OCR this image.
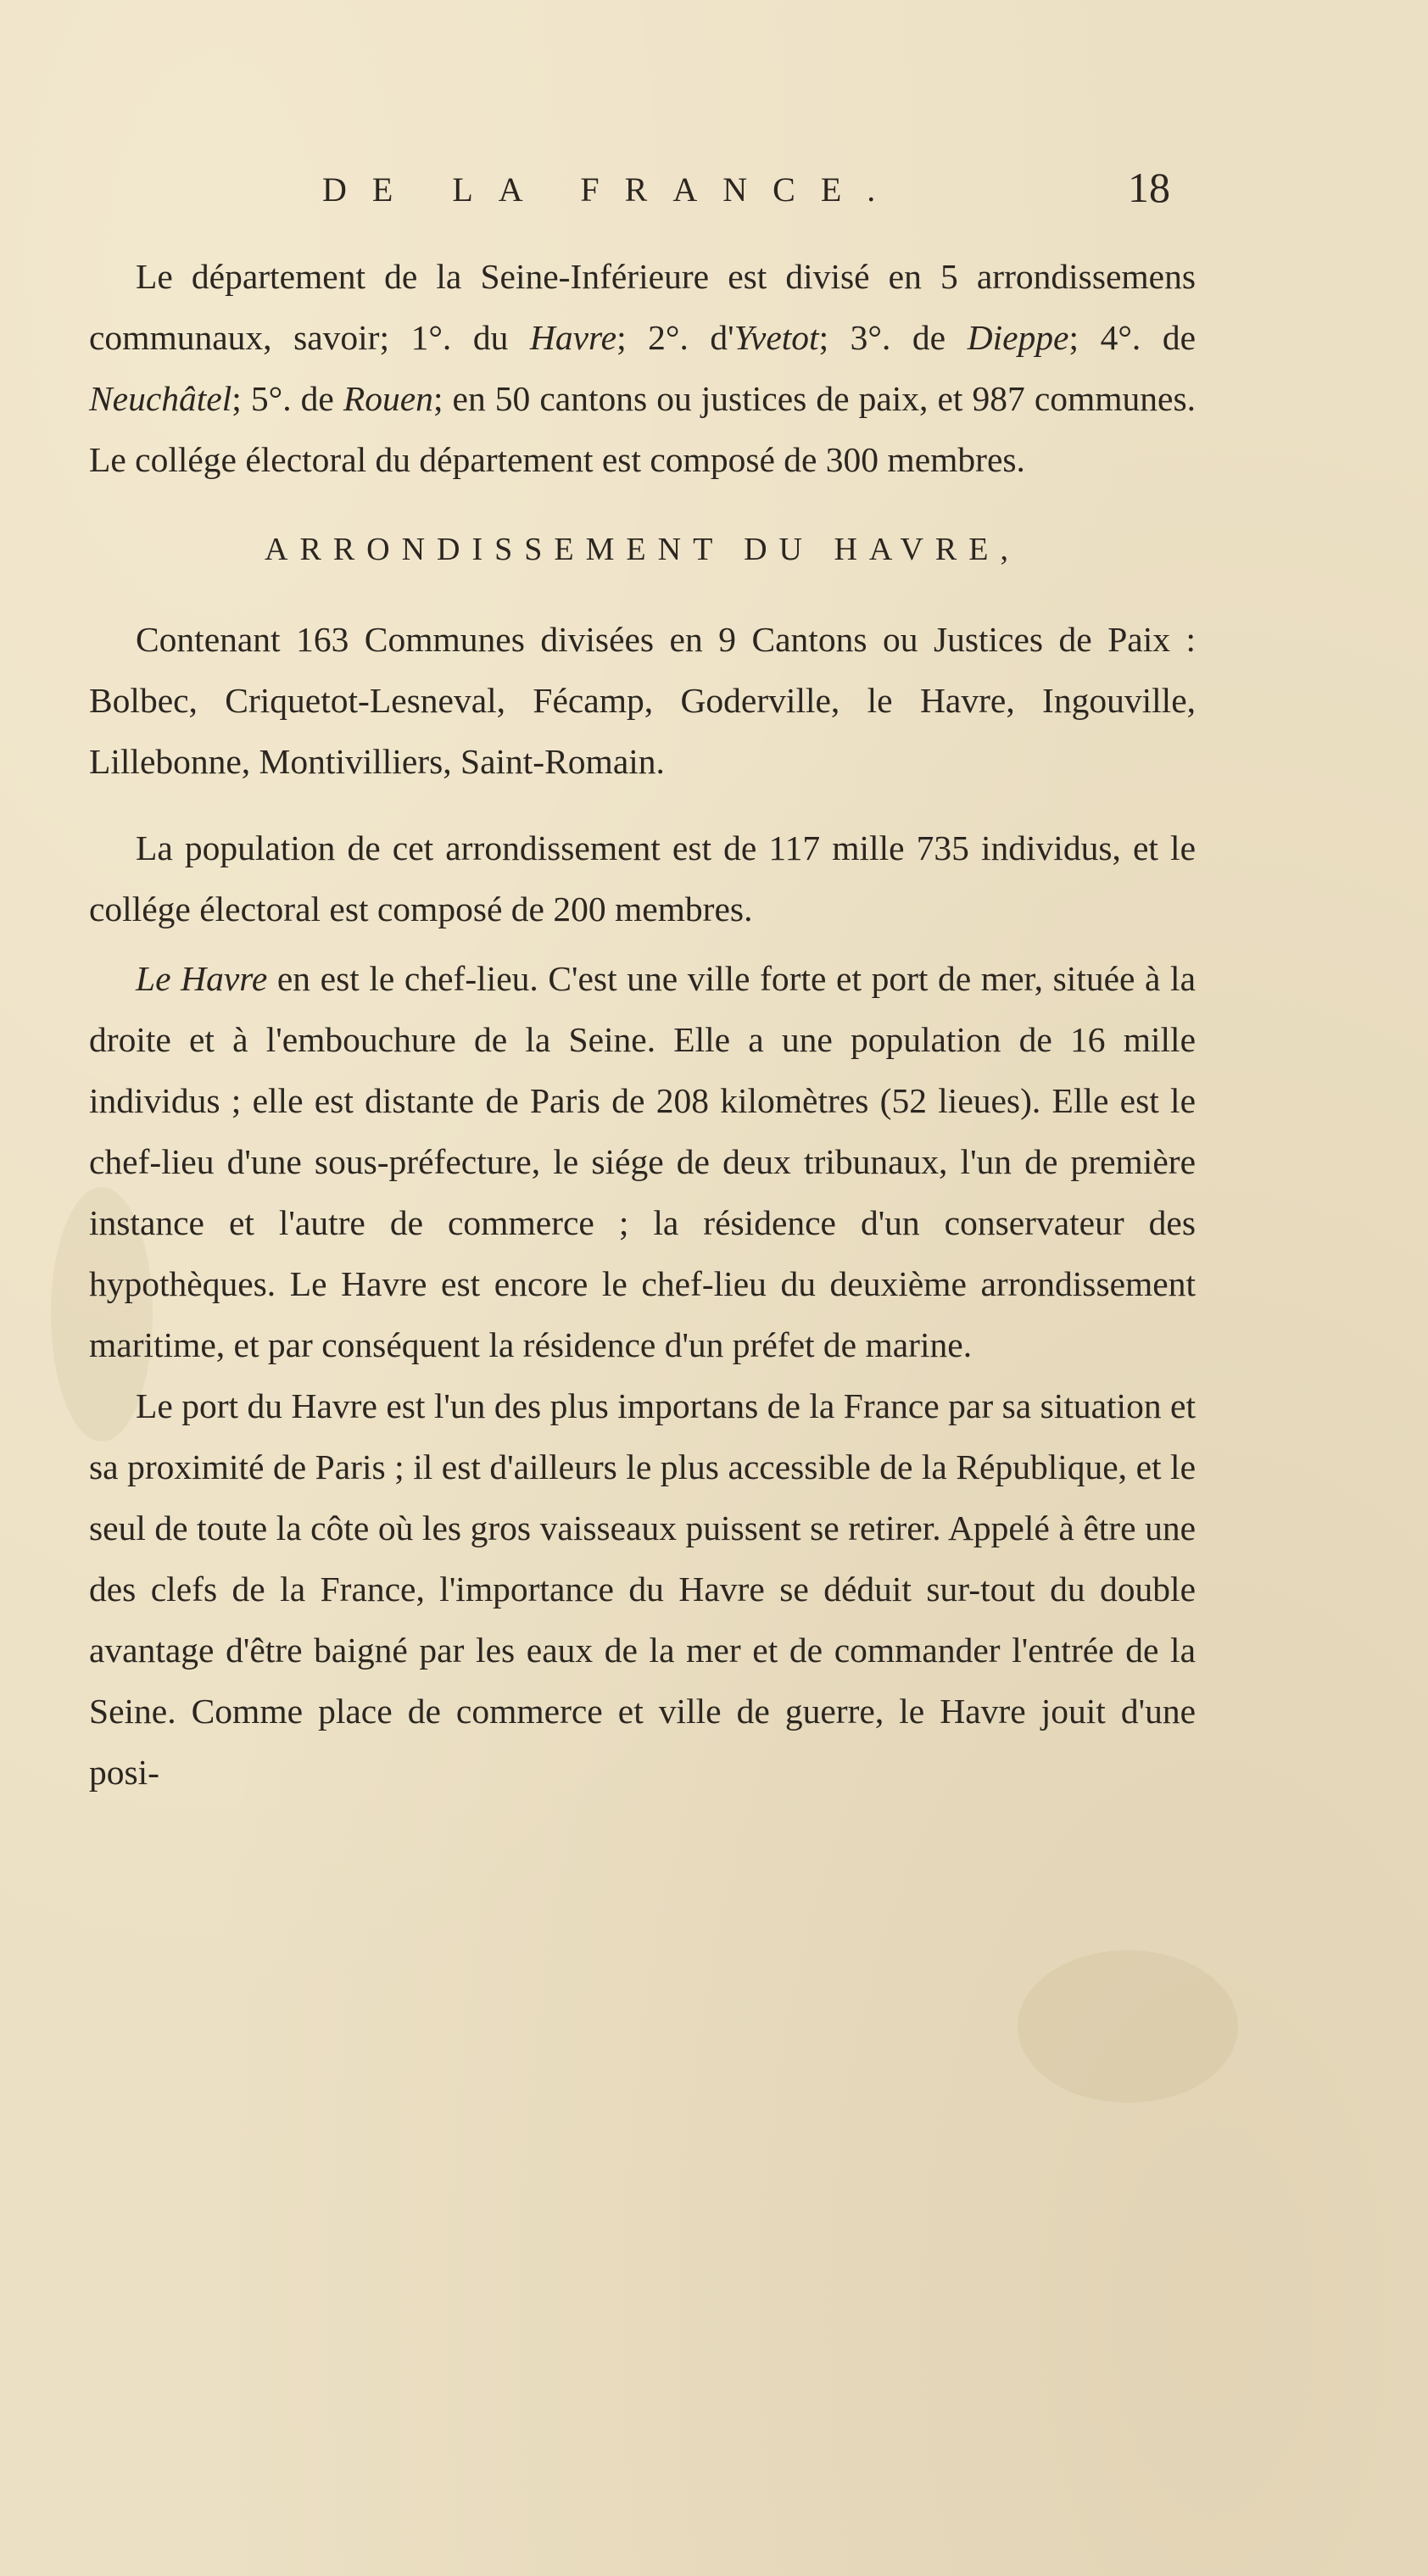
DE LA FRANCE.	18

Le département de la Seine-Inférieure est divisé en 5 arrondissemens communaux, savoir; 1°. du Havre; 2°. d'Yvetot; 3°. de Dieppe; 4°. de Neuchâtel; 5°. de Rouen; en 50 cantons ou justices de paix, et 987 communes. Le collége électoral du département est composé de 300 membres.

ARRONDISSEMENT DU HAVRE,

Contenant 163 Communes divisées en 9 Cantons ou Justices de Paix : Bolbec, Criquetot-Lesneval, Fécamp, Goderville, le Havre, Ingouville, Lillebonne, Montivilliers, Saint-Romain.

La population de cet arrondissement est de 117 mille 735 individus, et le collége électoral est composé de 200 membres.

Le Havre en est le chef-lieu. C'est une ville forte et port de mer, située à la droite et à l'embouchure de la Seine. Elle a une population de 16 mille individus ; elle est distante de Paris de 208 kilomètres (52 lieues). Elle est le chef-lieu d'une sous-préfecture, le siége de deux tribunaux, l'un de première instance et l'autre de commerce ; la résidence d'un conservateur des hypothèques. Le Havre est encore le chef-lieu du deuxième arrondissement maritime, et par conséquent la résidence d'un préfet de marine.

Le port du Havre est l'un des plus importans de la France par sa situation et sa proximité de Paris ; il est d'ailleurs le plus accessible de la République, et le seul de toute la côte où les gros vaisseaux puissent se retirer. Appelé à être une des clefs de la France, l'importance du Havre se déduit sur-tout du double avantage d'être baigné par les eaux de la mer et de commander l'entrée de la Seine. Comme place de commerce et ville de guerre, le Havre jouit d'une posi-
